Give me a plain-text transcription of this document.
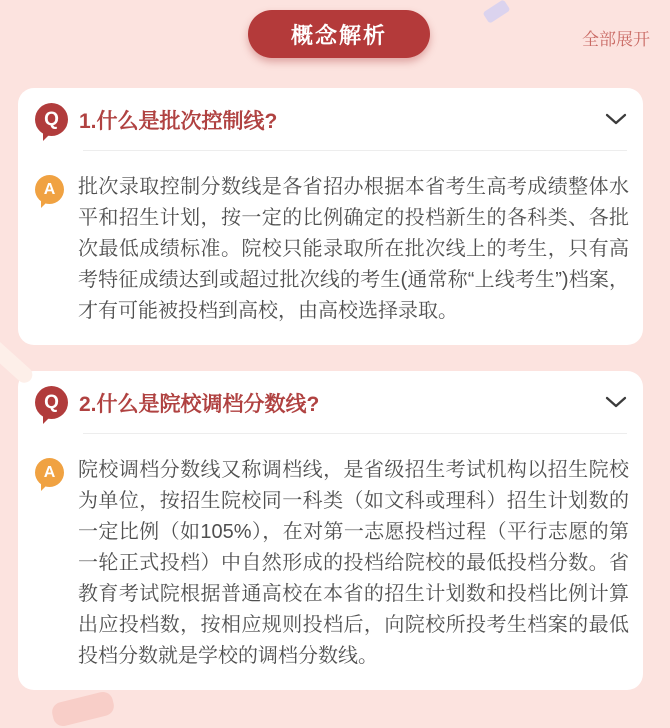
概念解析	全部展开
Q 1.什么是批次控制线?
A 批次录取控制分数线是各省招办根据本省考生高考成绩整体水平和招生计划，按一定的比例确定的投档新生的各科类、各批次最低成绩标准。院校只能录取所在批次线上的考生，只有高考特征成绩达到或超过批次线的考生(通常称“上线考生”)档案，才有可能被投档到高校，由高校选择录取。
Q 2.什么是院校调档分数线?
A 院校调档分数线又称调档线，是省级招生考试机构以招生院校为单位，按招生院校同一科类（如文科或理科）招生计划数的一定比例（如105%），在对第一志愿投档过程（平行志愿的第一轮正式投档）中自然形成的投档给院校的最低投档分数。省教育考试院根据普通高校在本省的招生计划数和投档比例计算出应投档数，按相应规则投档后，向院校所投考生档案的最低投档分数就是学校的调档分数线。
